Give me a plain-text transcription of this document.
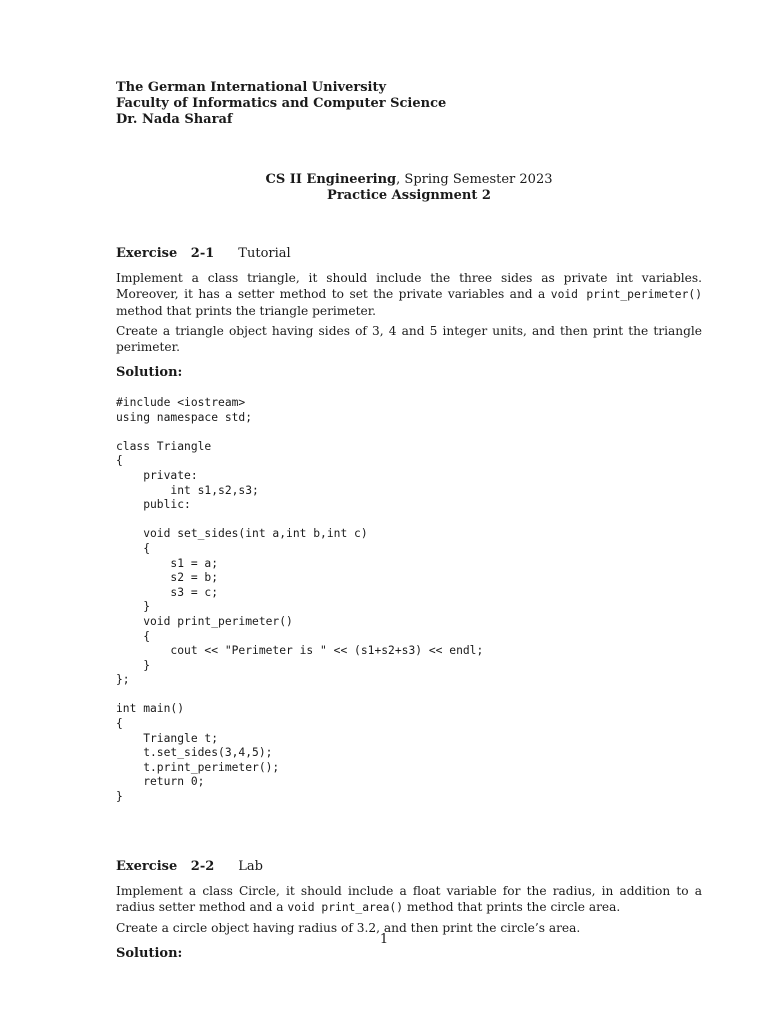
The German International University

Faculty of Informatics and Computer Science

Dr. Nada Sharaf

CS II Engineering, Spring Semester 2023
Practice Assignment 2
Exercise   2-1 Tutorial

Implement a class triangle, it should include the three sides as private int variables. Moreover, it has a setter method to set the private variables and a void print_perimeter() method that prints the triangle perimeter.

Create a triangle object having sides of 3, 4 and 5 integer units, and then print the triangle perimeter.

Solution:
#include <iostream>
using namespace std;

class Triangle
{
private:
int s1,s2,s3;
public:

void set_sides(int a,int b,int c)
{
s1 = a;
s2 = b;
s3 = c;
}
void print_perimeter()
{
cout << "Perimeter is " << (s1+s2+s3) << endl;
}
};

int main()
{
Triangle t;
t.set_sides(3,4,5);
t.print_perimeter();
return 0;
}
Exercise   2-2 Lab

Implement a class Circle, it should include a float variable for the radius, in addition to a radius setter method and a void print_area() method that prints the circle area.

Create a circle object having radius of 3.2, and then print the circle’s area.

Solution:
1
